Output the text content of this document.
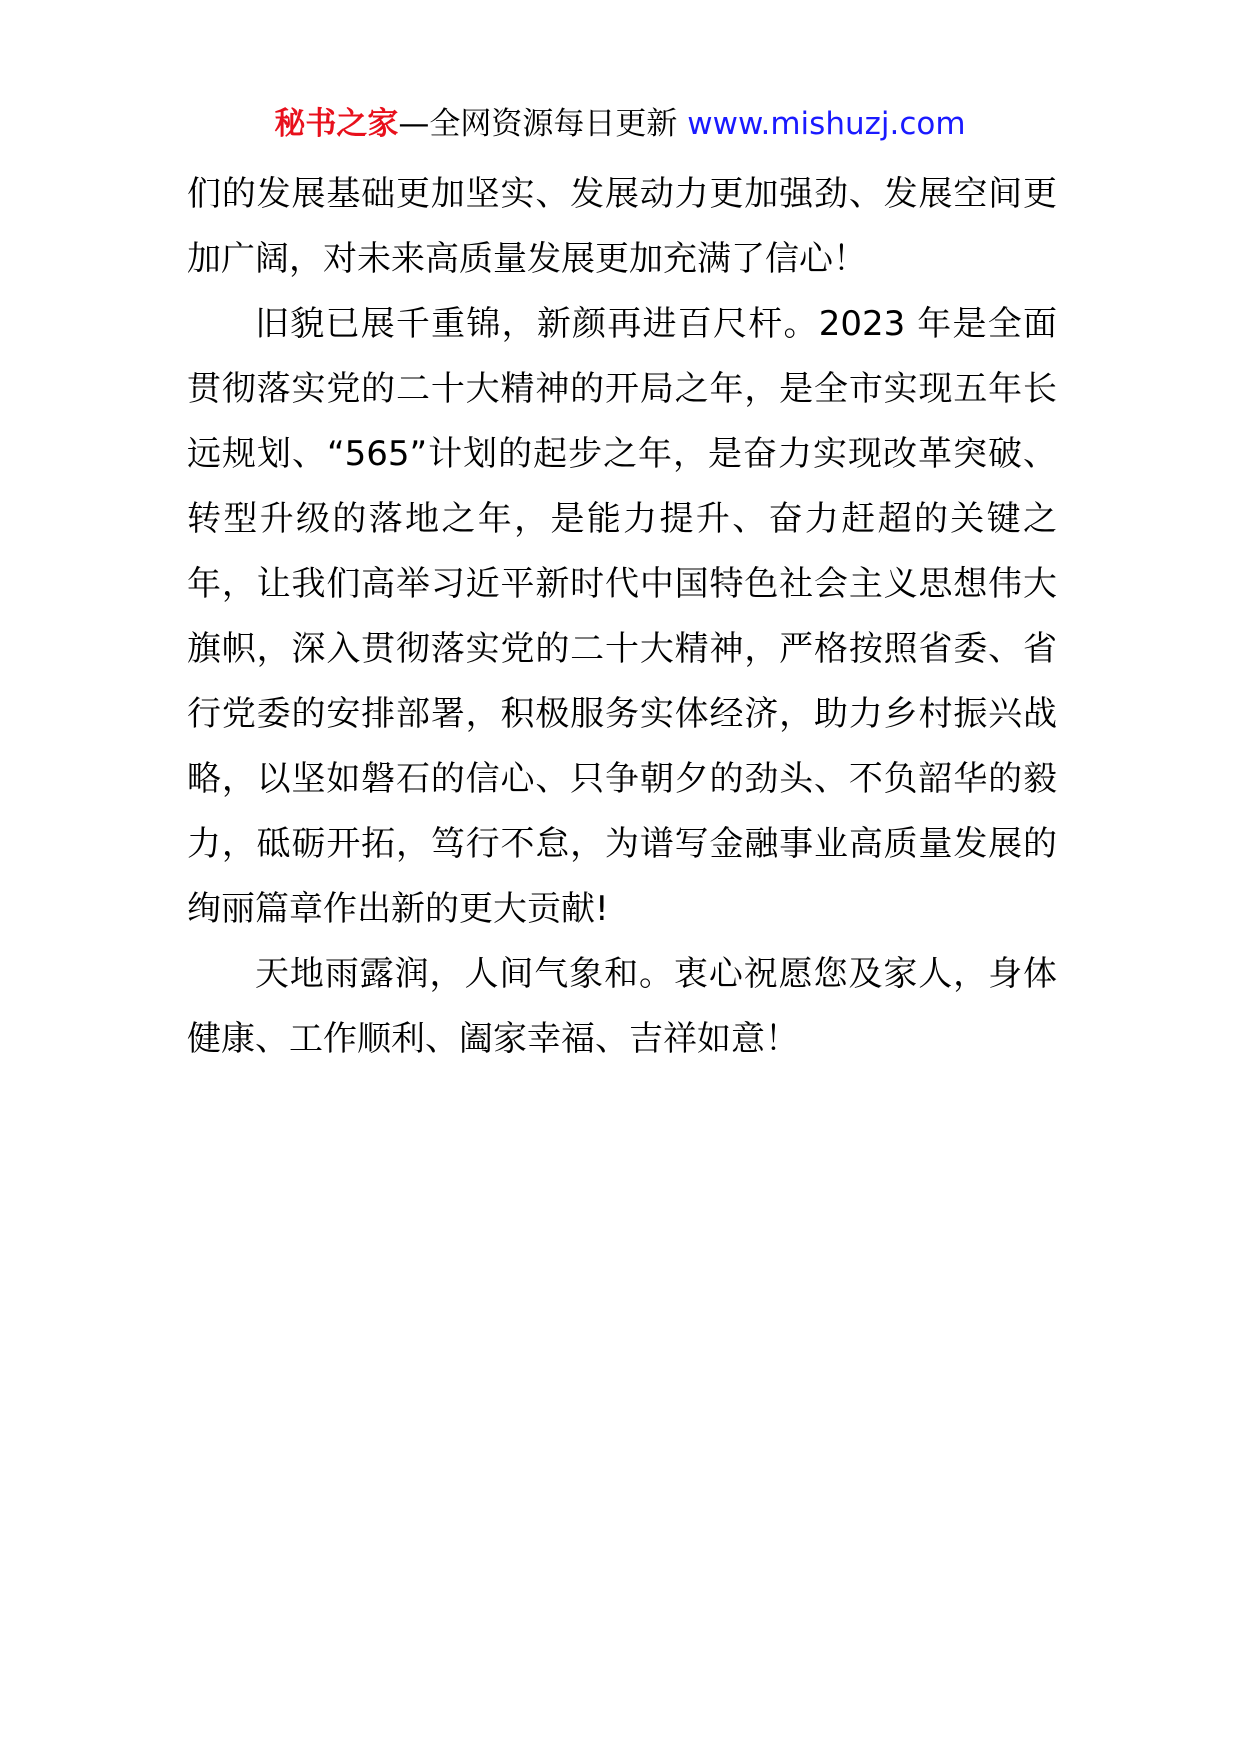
秘书之家—全网资源每日更新 www.mishuzj.com

们的发展基础更加坚实、发展动力更加强劲、发展空间更加广阔，对未来高质量发展更加充满了信心！

旧貌已展千重锦，新颜再进百尺杆。2023 年是全面贯彻落实党的二十大精神的开局之年，是全市实现五年长远规划、“565”计划的起步之年，是奋力实现改革突破、转型升级的落地之年，是能力提升、奋力赶超的关键之年，让我们高举习近平新时代中国特色社会主义思想伟大旗帜，深入贯彻落实党的二十大精神，严格按照省委、省行党委的安排部署，积极服务实体经济，助力乡村振兴战略，以坚如磐石的信心、只争朝夕的劲头、不负韶华的毅力，砥砺开拓，笃行不怠，为谱写金融事业高质量发展的绚丽篇章作出新的更大贡献!

天地雨露润，人间气象和。衷心祝愿您及家人，身体健康、工作顺利、阖家幸福、吉祥如意！
